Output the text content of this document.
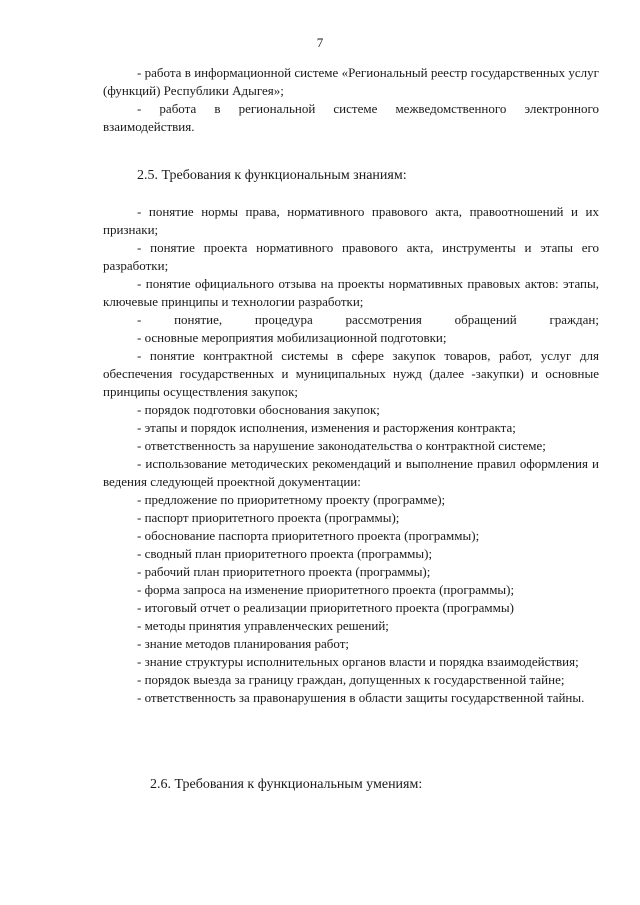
7

- работа в информационной системе «Региональный реестр государственных услуг (функций) Республики Адыгея»;

- работа в региональной системе межведомственного электронного взаимодействия.

2.5. Требования к функциональным знаниям:

- понятие нормы права, нормативного правового акта, правоотношений и их признаки;

- понятие проекта нормативного правового акта, инструменты и этапы его разработки;

- понятие официального отзыва на проекты нормативных правовых актов: этапы, ключевые принципы и технологии разработки;

- понятие, процедура рассмотрения обращений граждан;

- основные мероприятия мобилизационной подготовки;

- понятие контрактной системы в сфере закупок товаров, работ, услуг для обеспечения государственных и муниципальных нужд (далее -закупки) и основные принципы осуществления закупок;

- порядок подготовки обоснования закупок;

- этапы и порядок исполнения, изменения и расторжения контракта;

- ответственность за нарушение законодательства о контрактной системе;

- использование методических рекомендаций и выполнение правил оформления и ведения следующей проектной документации:

- предложение по приоритетному проекту (программе);

- паспорт приоритетного проекта (программы);

- обоснование паспорта приоритетного проекта (программы);

- сводный план приоритетного проекта (программы);

- рабочий план приоритетного проекта (программы);

- форма запроса на изменение приоритетного проекта (программы);

- итоговый отчет о реализации приоритетного проекта (программы)

- методы принятия управленческих решений;

- знание методов планирования работ;

- знание структуры исполнительных органов власти и порядка взаимодействия;

- порядок выезда за границу граждан, допущенных к государственной тайне;

- ответственность за правонарушения в области защиты государственной тайны.

2.6. Требования к функциональным умениям:
